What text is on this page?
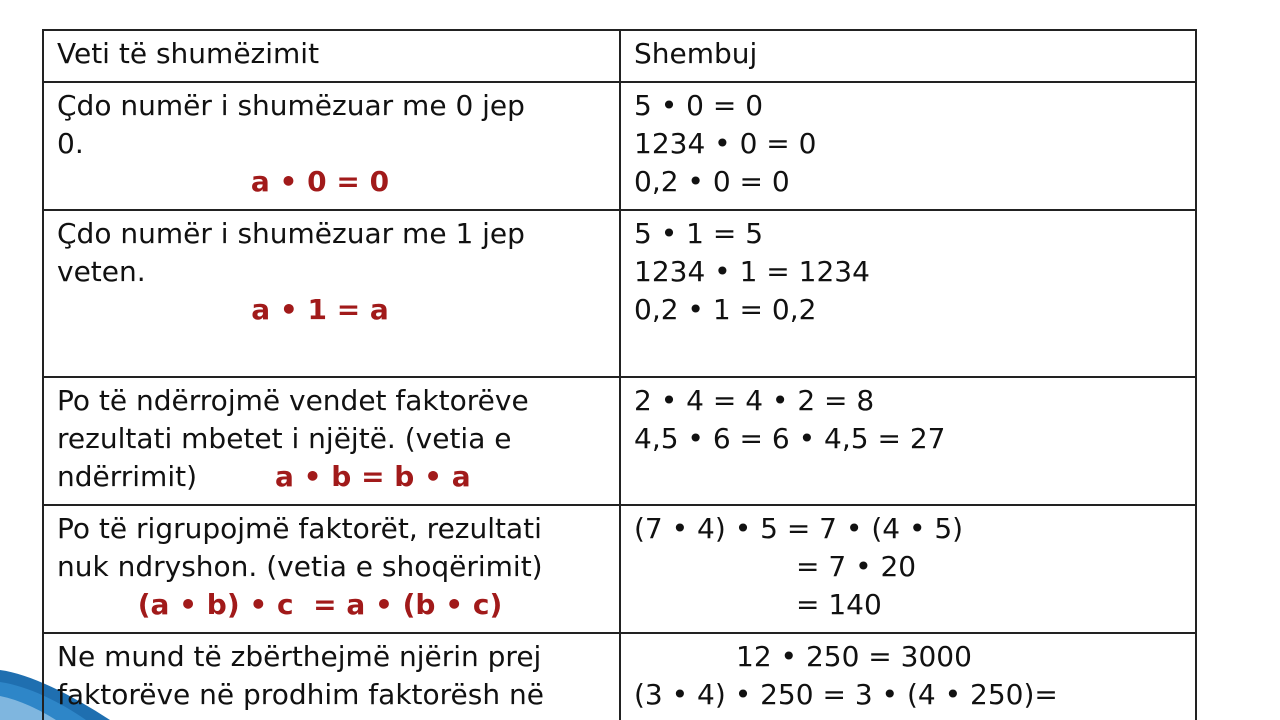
Veti të shumëzimit	Shembuj

Çdo numër i shumëzuar me 0 jep
0.
a • 0 = 0	5 • 0 = 0
1234 • 0 = 0
0,2 • 0 = 0

Çdo numër i shumëzuar me 1 jep
veten.
a • 1 = a	5 • 1 = 5
1234 • 1 = 1234
0,2 • 1 = 0,2

Po të ndërrojmë vendet faktorëve
rezultati mbetet i njëjtë. (vetia e
ndërrimit) a • b = b • a	2 • 4 = 4 • 2 = 8
4,5 • 6 = 6 • 4,5 = 27

Po të rigrupojmë faktorët, rezultati
nuk ndryshon. (vetia e shoqërimit)
(a • b) • c  = a • (b • c)	(7 • 4) • 5 = 7 • (4 • 5)
= 7 • 20
= 140

Ne mund të zbërthejmë njërin prej
faktorëve në prodhim faktorësh në	12 • 250 = 3000
(3 • 4) • 250 = 3 • (4 • 250)=
